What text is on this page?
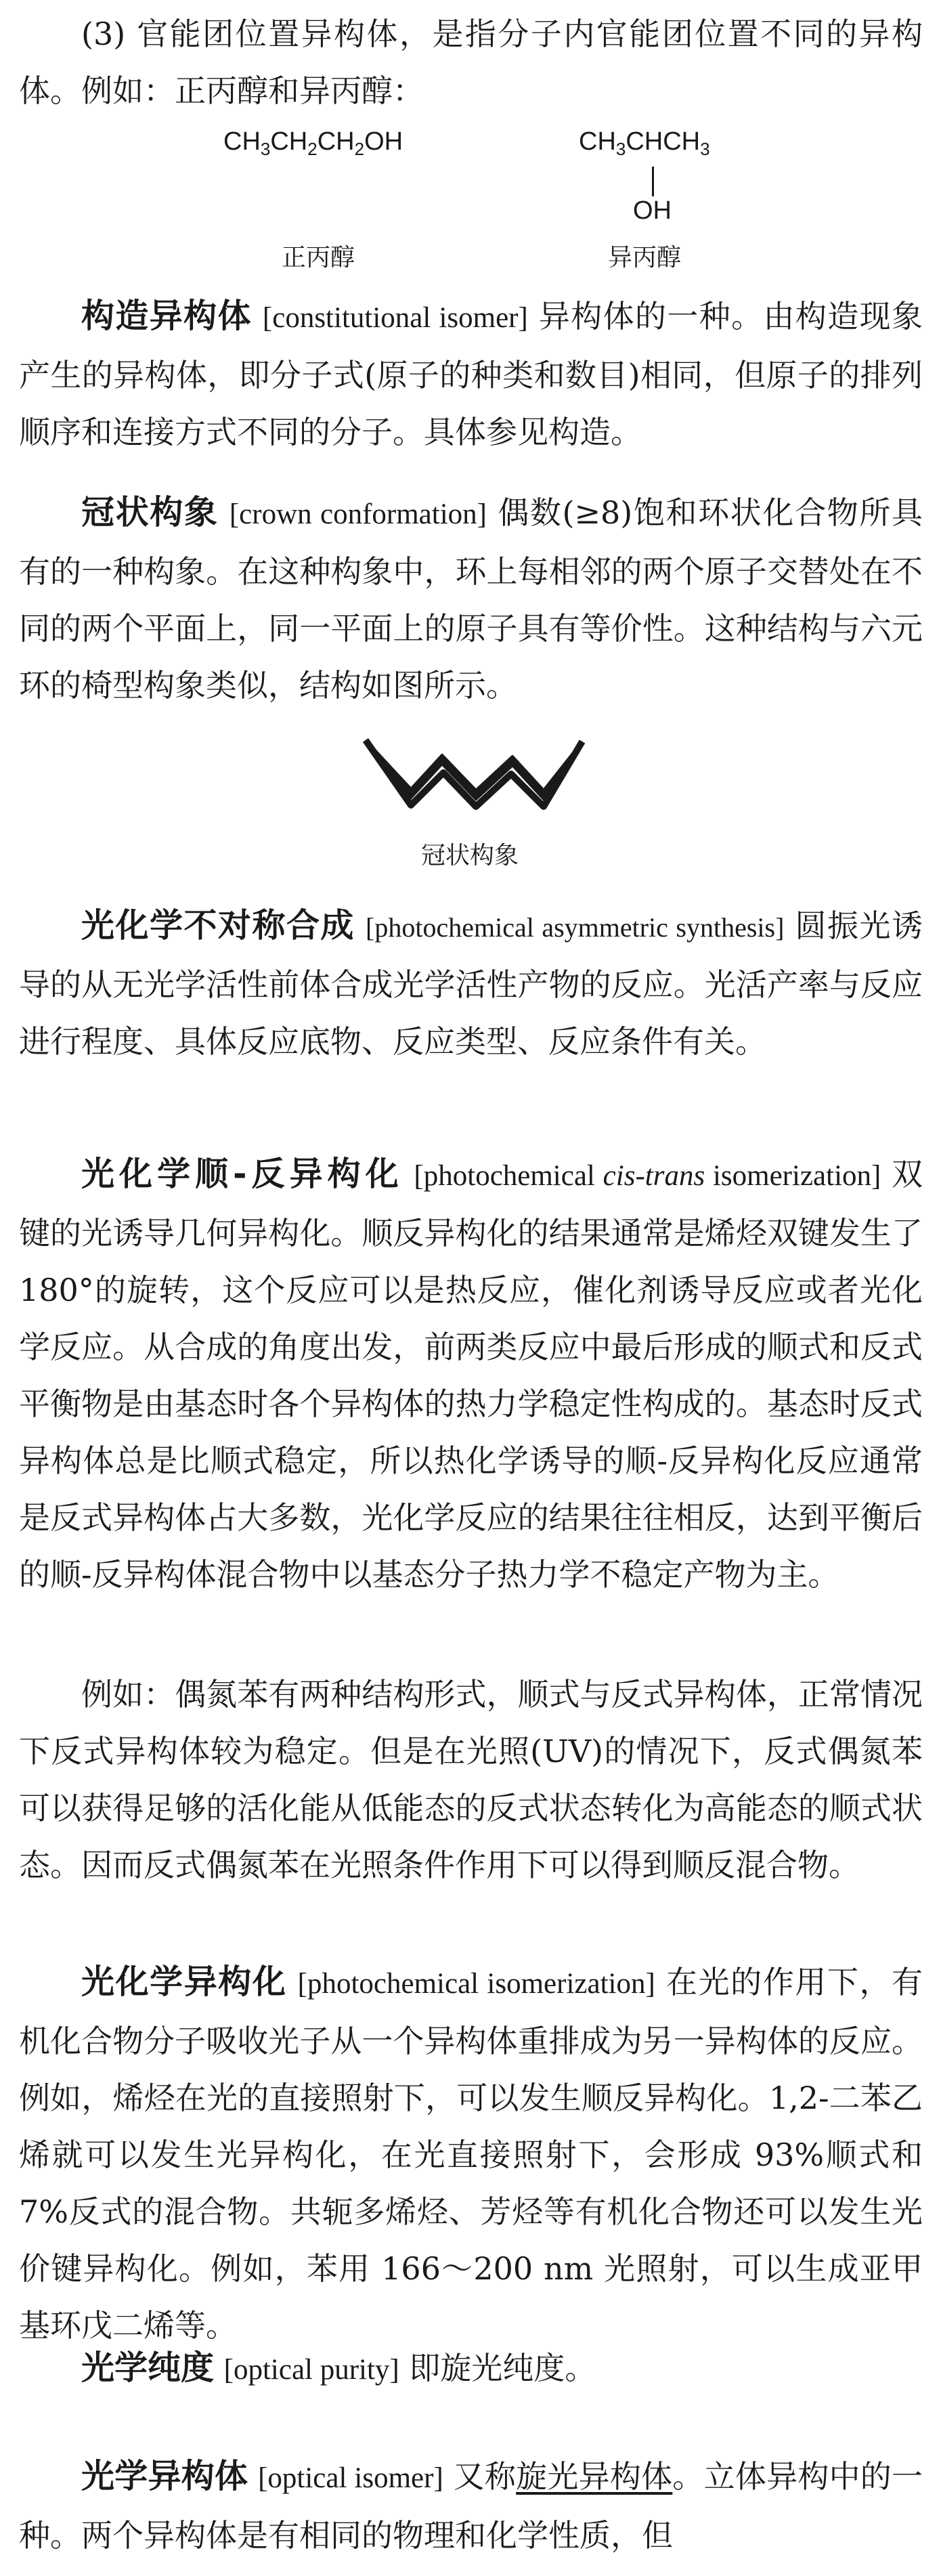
(3) 官能团位置异构体，是指分子内官能团位置不同的异构体。例如：正丙醇和异丙醇：

$CH_3CH_2CH_2OH$	$CH_3CHCH_3$
OH
正丙醇	异丙醇

构造异构体 [constitutional isomer] 异构体的一种。由构造现象产生的异构体，即分子式(原子的种类和数目)相同，但原子的排列顺序和连接方式不同的分子。具体参见构造。

冠状构象 [crown conformation] 偶数(≥8)饱和环状化合物所具有的一种构象。在这种构象中，环上每相邻的两个原子交替处在不同的两个平面上，同一平面上的原子具有等价性。这种结构与六元环的椅型构象类似，结构如图所示。

冠状构象

光化学不对称合成 [photochemical asymmetric synthesis] 圆振光诱导的从无光学活性前体合成光学活性产物的反应。光活产率与反应进行程度、具体反应底物、反应类型、反应条件有关。

光化学顺-反异构化 [photochemical cis-trans isomerization] 双键的光诱导几何异构化。顺反异构化的结果通常是烯烃双键发生了 180°的旋转，这个反应可以是热反应，催化剂诱导反应或者光化学反应。从合成的角度出发，前两类反应中最后形成的顺式和反式平衡物是由基态时各个异构体的热力学稳定性构成的。基态时反式异构体总是比顺式稳定，所以热化学诱导的顺-反异构化反应通常是反式异构体占大多数，光化学反应的结果往往相反，达到平衡后的顺-反异构体混合物中以基态分子热力学不稳定产物为主。

例如：偶氮苯有两种结构形式，顺式与反式异构体，正常情况下反式异构体较为稳定。但是在光照(UV)的情况下，反式偶氮苯可以获得足够的活化能从低能态的反式状态转化为高能态的顺式状态。因而反式偶氮苯在光照条件作用下可以得到顺反混合物。

光化学异构化 [photochemical isomerization] 在光的作用下，有机化合物分子吸收光子从一个异构体重排成为另一异构体的反应。例如，烯烃在光的直接照射下，可以发生顺反异构化。1,2-二苯乙烯就可以发生光异构化，在光直接照射下，会形成 93%顺式和 7%反式的混合物。共轭多烯烃、芳烃等有机化合物还可以发生光价键异构化。例如，苯用 166～200 nm 光照射，可以生成亚甲基环戊二烯等。

光学纯度 [optical purity] 即旋光纯度。

光学异构体 [optical isomer] 又称旋光异构体。立体异构中的一种。两个异构体是有相同的物理和化学性质，但
